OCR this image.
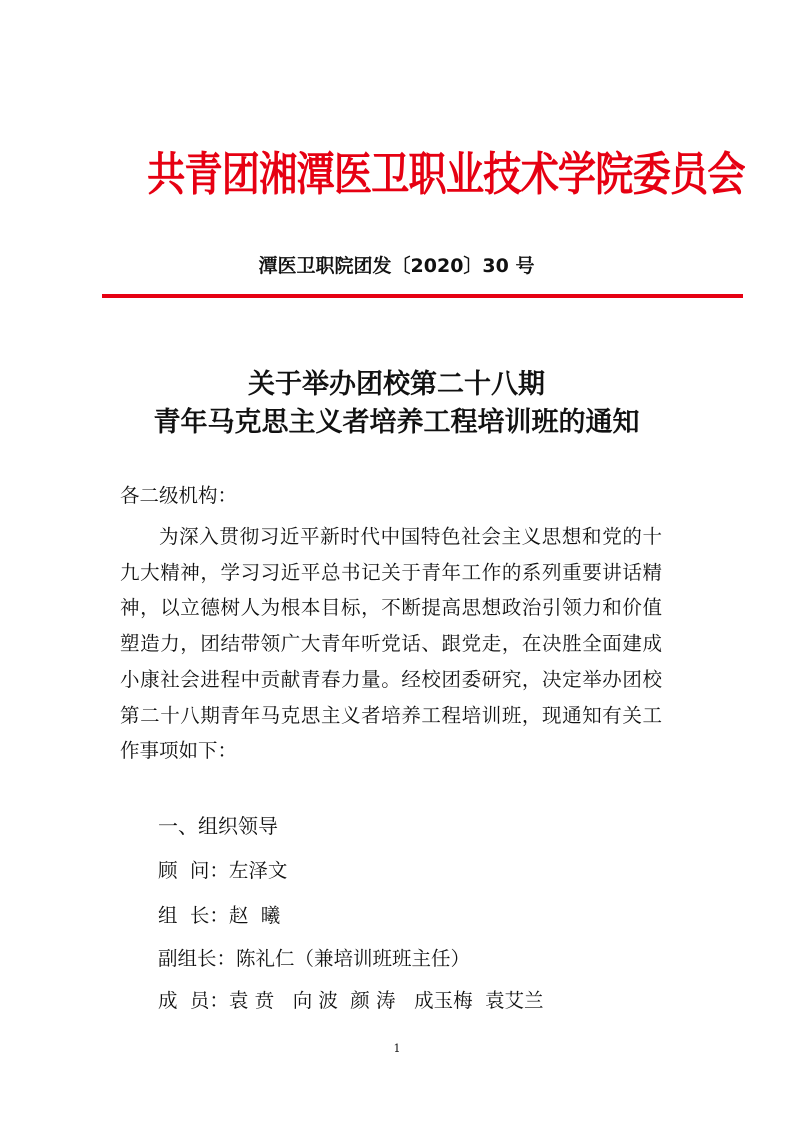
共青团湘潭医卫职业技术学院委员会
潭医卫职院团发〔2020〕30 号
关于举办团校第二十八期
青年马克思主义者培养工程培训班的通知
各二级机构：
为深入贯彻习近平新时代中国特色社会主义思想和党的十九大精神，学习习近平总书记关于青年工作的系列重要讲话精神，以立德树人为根本目标，不断提高思想政治引领力和价值塑造力，团结带领广大青年听党话、跟党走，在决胜全面建成小康社会进程中贡献青春力量。经校团委研究，决定举办团校第二十八期青年马克思主义者培养工程培训班，现通知有关工作事项如下：
一、组织领导
顾  问：左泽文
组  长：赵  曦
副组长：陈礼仁（兼培训班班主任）
成  员：袁 贲   向 波  颜 涛   成玉梅  袁艾兰
1
